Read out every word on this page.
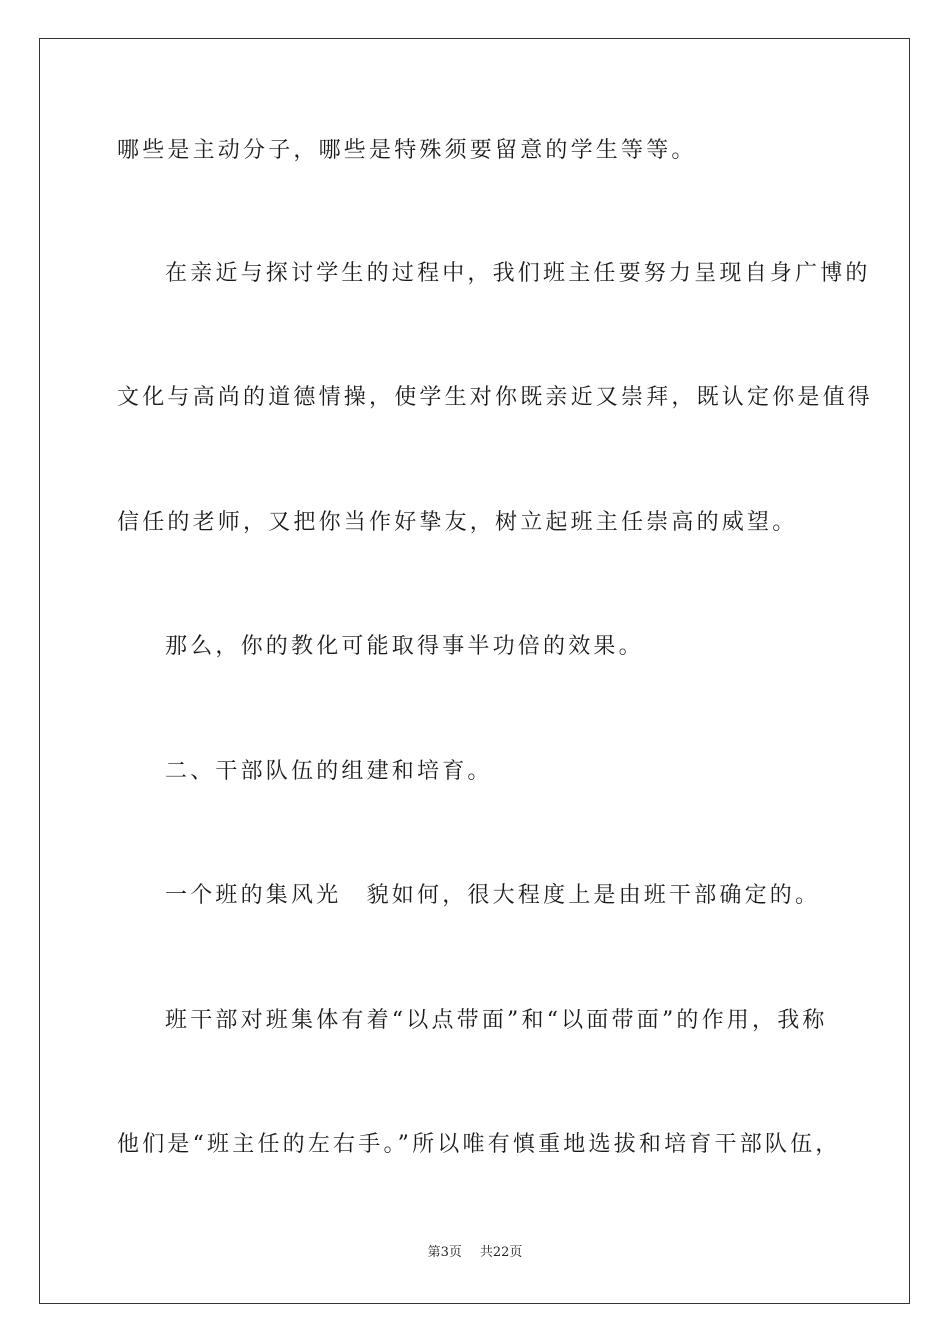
哪些是主动分子，哪些是特殊须要留意的学生等等。

在亲近与探讨学生的过程中，我们班主任要努力呈现自身广博的

文化与高尚的道德情操，使学生对你既亲近又崇拜，既认定你是值得

信任的老师，又把你当作好挚友，树立起班主任崇高的威望。

那么，你的教化可能取得事半功倍的效果。

二、干部队伍的组建和培育。

一个班的集风光　貌如何，很大程度上是由班干部确定的。

班干部对班集体有着“以点带面”和“以面带面”的作用，我称

他们是“班主任的左右手。”所以唯有慎重地选拔和培育干部队伍，

第3页 共22页
